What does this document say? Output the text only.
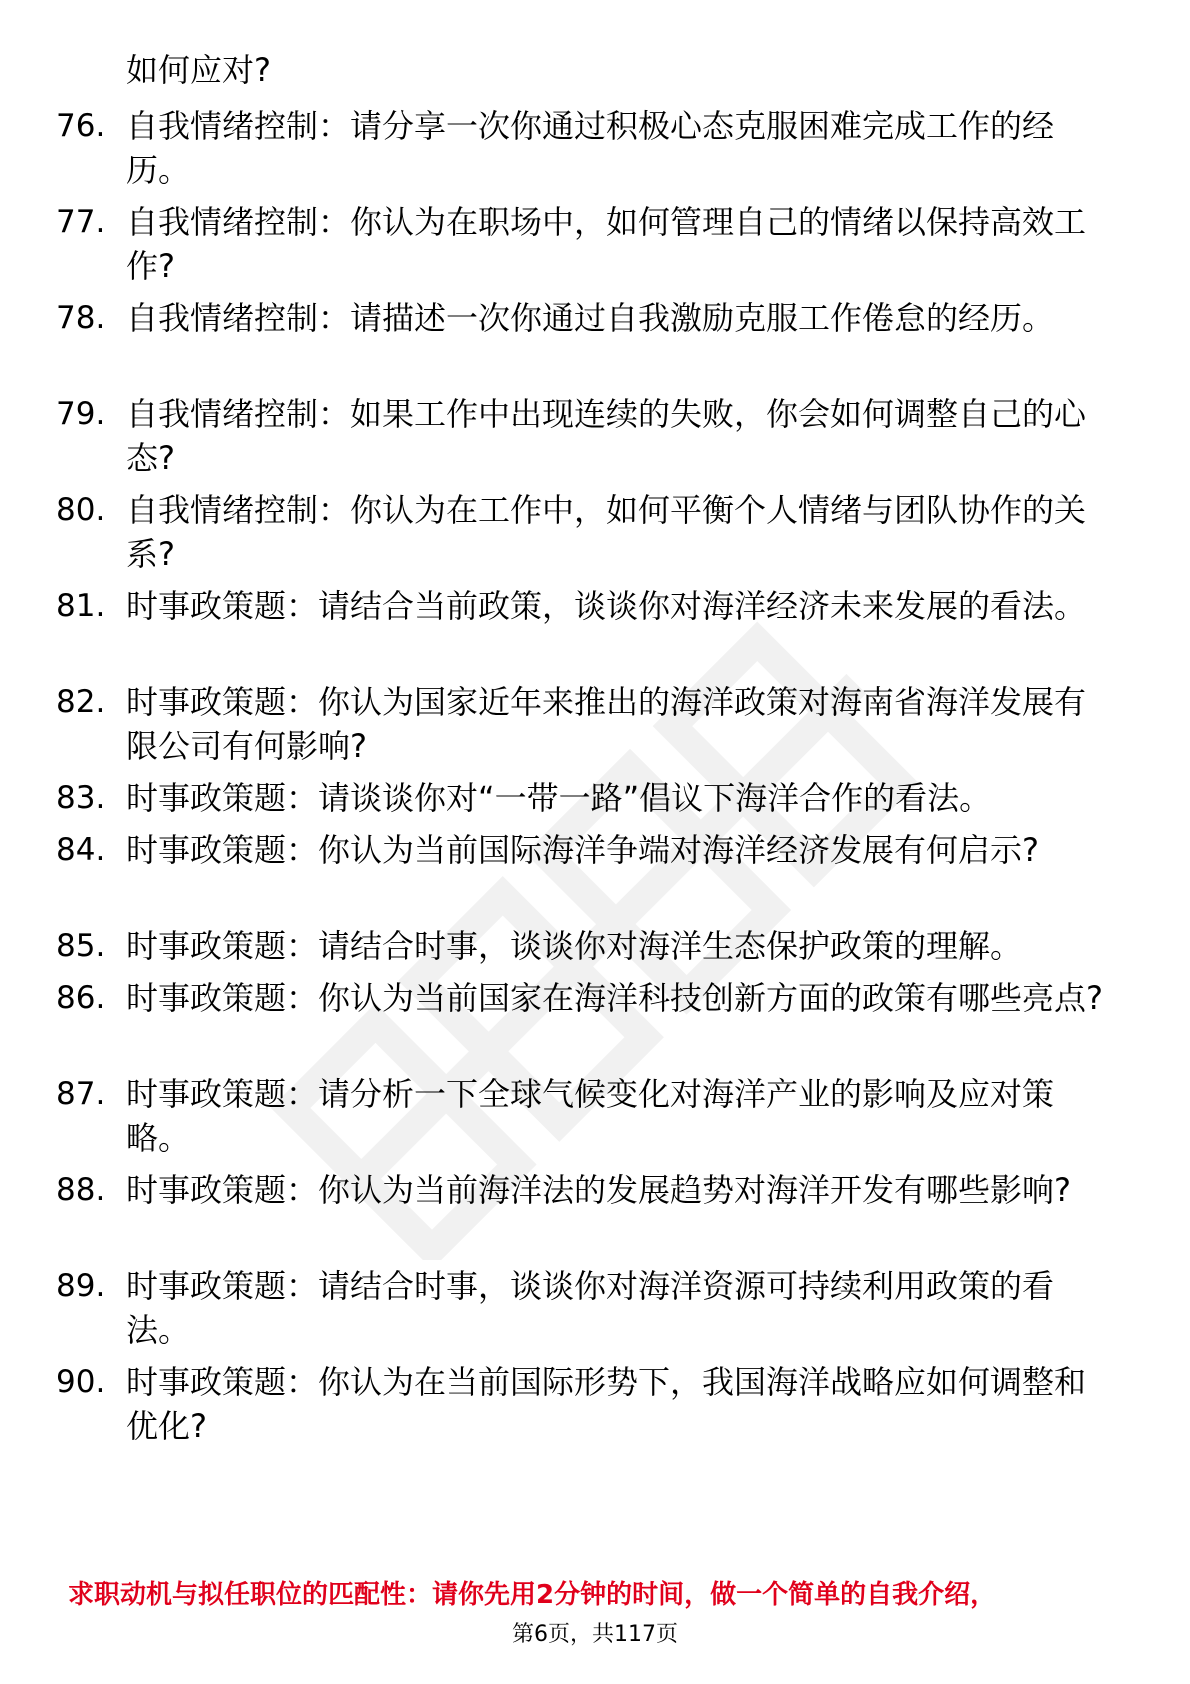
如何应对?
76. 自我情绪控制：请分享一次你通过积极心态克服困难完成工作的经历。
77. 自我情绪控制：你认为在职场中，如何管理自己的情绪以保持高效工作?
78. 自我情绪控制：请描述一次你通过自我激励克服工作倦怠的经历。
79. 自我情绪控制：如果工作中出现连续的失败，你会如何调整自己的心态?
80. 自我情绪控制：你认为在工作中，如何平衡个人情绪与团队协作的关系?
81. 时事政策题：请结合当前政策，谈谈你对海洋经济未来发展的看法。
82. 时事政策题：你认为国家近年来推出的海洋政策对海南省海洋发展有限公司有何影响?
83. 时事政策题：请谈谈你对“一带一路”倡议下海洋合作的看法。
84. 时事政策题：你认为当前国际海洋争端对海洋经济发展有何启示?
85. 时事政策题：请结合时事，谈谈你对海洋生态保护政策的理解。
86. 时事政策题：你认为当前国家在海洋科技创新方面的政策有哪些亮点?
87. 时事政策题：请分析一下全球气候变化对海洋产业的影响及应对策略。
88. 时事政策题：你认为当前海洋法的发展趋势对海洋开发有哪些影响?
89. 时事政策题：请结合时事，谈谈你对海洋资源可持续利用政策的看法。
90. 时事政策题：你认为在当前国际形势下，我国海洋战略应如何调整和优化?
求职动机与拟任职位的匹配性：请你先用2分钟的时间，做一个简单的自我介绍，
第6页，共117页
